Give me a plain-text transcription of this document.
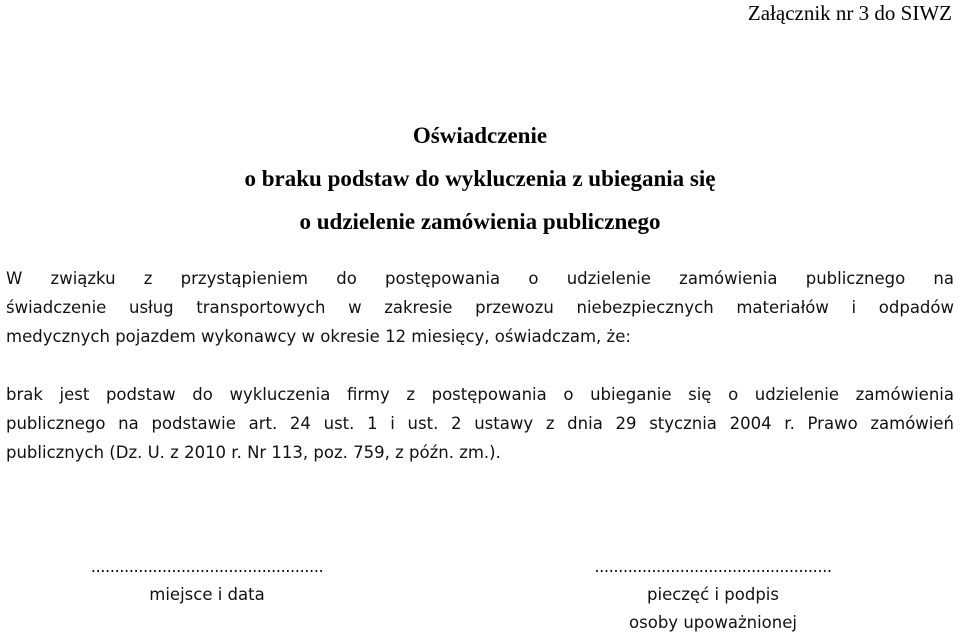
Załącznik nr 3 do SIWZ
Oświadczenie
o braku podstaw do wykluczenia z ubiegania się
o udzielenie zamówienia publicznego
W związku z przystąpieniem do postępowania o udzielenie zamówienia publicznego na
świadczenie usług transportowych w zakresie przewozu niebezpiecznych materiałów i odpadów
medycznych pojazdem wykonawcy w okresie 12 miesięcy, oświadczam, że:
brak jest podstaw do wykluczenia firmy z postępowania o ubieganie się o udzielenie zamówienia
publicznego na podstawie art. 24 ust. 1 i ust. 2 ustawy z dnia 29 stycznia 2004 r. Prawo zamówień
publicznych (Dz. U. z 2010 r. Nr 113, poz. 759, z późn. zm.).
.................................................
miejsce i data
..................................................
pieczęć i podpis
osoby upoważnionej
